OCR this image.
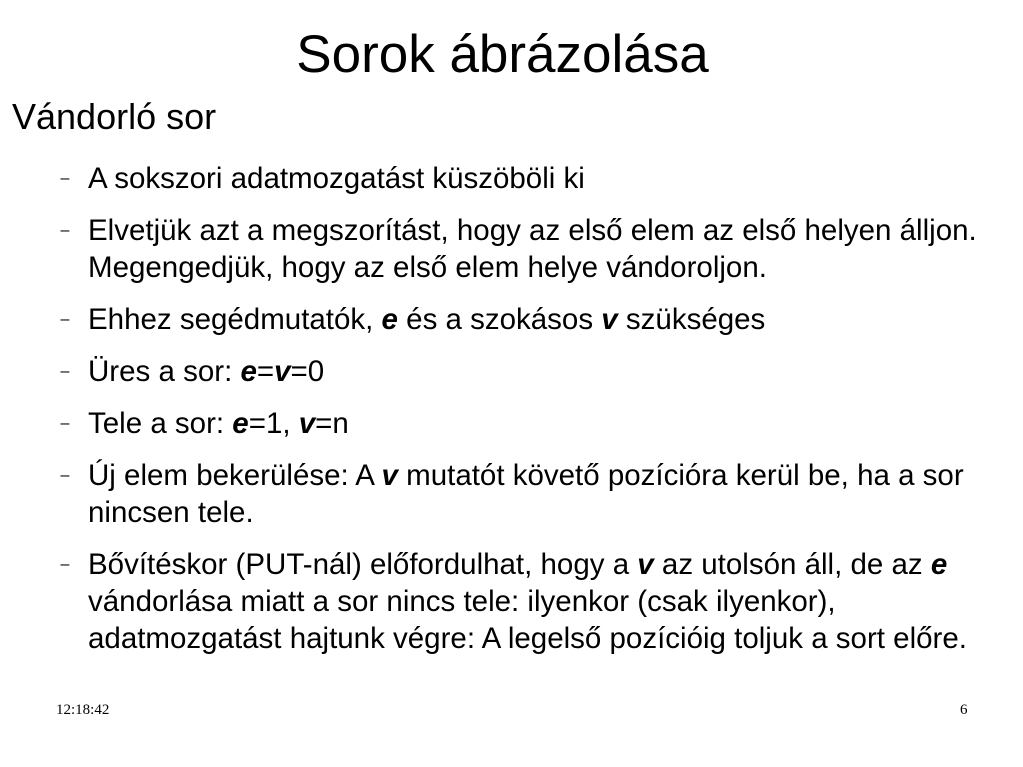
Sorok ábrázolása
Vándorló sor
– A sokszori adatmozgatást küszöböli ki
– Elvetjük azt a megszorítást, hogy az első elem az első helyen álljon. Megengedjük, hogy az első elem helye vándoroljon.
– Ehhez segédmutatók, e és a szokásos v szükséges
– Üres a sor: e=v=0
– Tele a sor: e=1, v=n
– Új elem bekerülése: A v mutatót követő pozícióra kerül be, ha a sor nincsen tele.
– Bővítéskor (PUT-nál) előfordulhat, hogy a v az utolsón áll, de az e vándorlása miatt a sor nincs tele: ilyenkor (csak ilyenkor), adatmozgatást hajtunk végre: A legelső pozícióig toljuk a sort előre.
12:18:42	6
